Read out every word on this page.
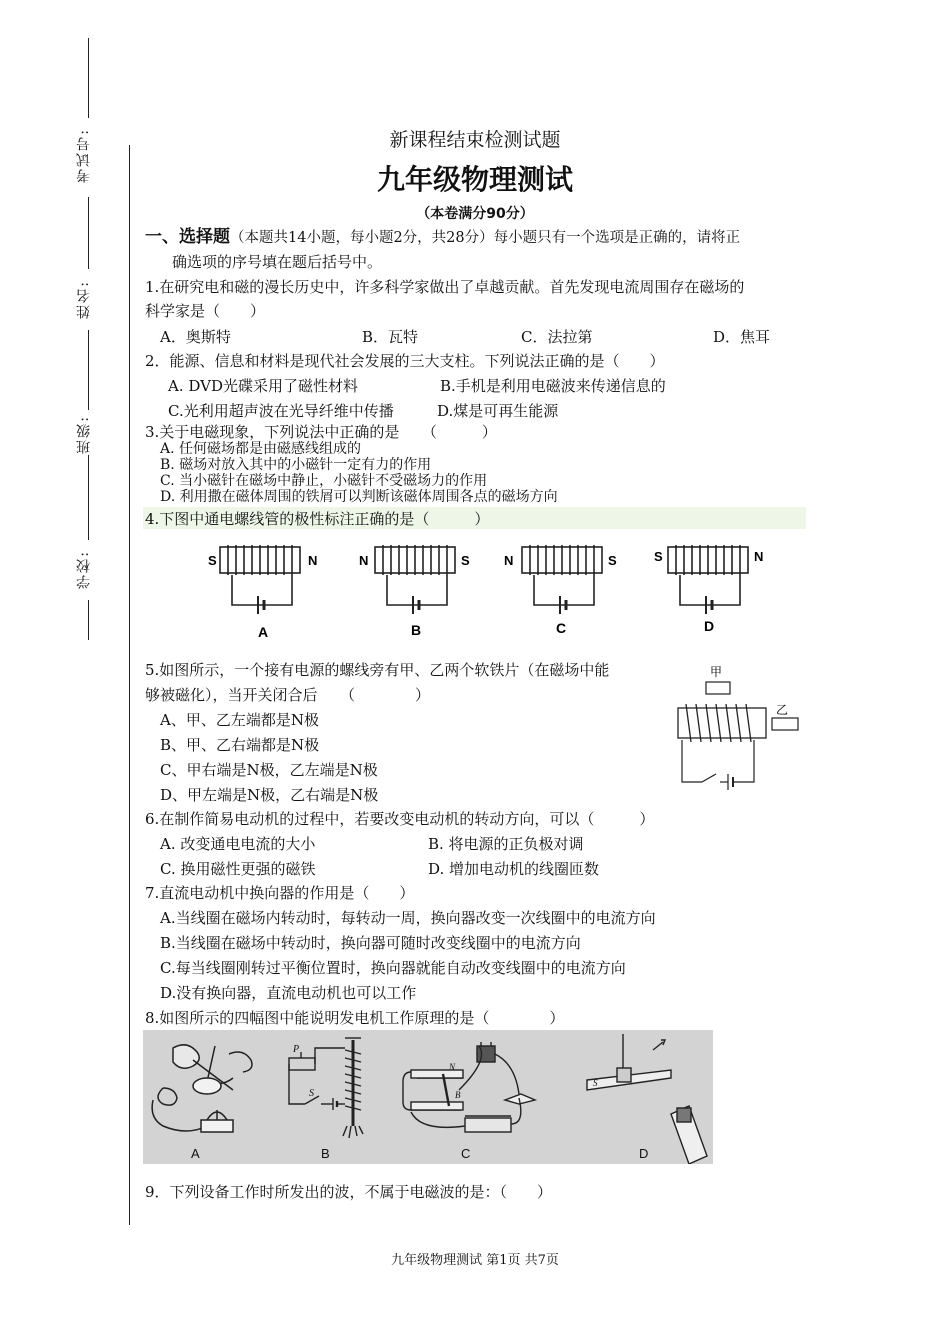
考试号:
姓名:
班级:
学校:
新课程结束检测试题
九年级物理测试
（本卷满分90分）
一、选择题（本题共14小题，每小题2分，共28分）每小题只有一个选项是正确的，请将正
确选项的序号填在题后括号中。
1.在研究电和磁的漫长历史中，许多科学家做出了卓越贡献。首先发现电流周围存在磁场的
科学家是（　　）
A．奥斯特	B．瓦特	C．法拉第	D．焦耳
2．能源、信息和材料是现代社会发展的三大支柱。下列说法正确的是（　　）
A. DVD光碟采用了磁性材料	B.手机是利用电磁波来传递信息的
C.光利用超声波在光导纤维中传播	D.煤是可再生能源
3.关于电磁现象，下列说法中正确的是　　（　　　）
A. 任何磁场都是由磁感线组成的
B. 磁场对放入其中的小磁针一定有力的作用
C. 当小磁针在磁场中静止，小磁针不受磁场力的作用
D. 利用撒在磁体周围的铁屑可以判断该磁体周围各点的磁场方向
4.下图中通电螺线管的极性标注正确的是（　　　）
S	N
A
N	S
B
N	S
C
S	N
D
5.如图所示，一个接有电源的螺线旁有甲、乙两个软铁片（在磁场中能
够被磁化），当开关闭合后　　（　　　　）
A、甲、乙左端都是N极
B、甲、乙右端都是N极
C、甲右端是N极，乙左端是N极
D、甲左端是N极，乙右端是N极
甲
乙
6.在制作简易电动机的过程中，若要改变电动机的转动方向，可以（　　　）
A. 改变通电电流的大小	B. 将电源的正负极对调
C. 换用磁性更强的磁铁	D. 增加电动机的线圈匝数
7.直流电动机中换向器的作用是（　　）
A.当线圈在磁场内转动时，每转动一周，换向器改变一次线圈中的电流方向
B.当线圈在磁场中转动时，换向器可随时改变线圈中的电流方向
C.每当线圈刚转过平衡位置时，换向器就能自动改变线圈中的电流方向
D.没有换向器，直流电动机也可以工作
8.如图所示的四幅图中能说明发电机工作原理的是（　　　　）
A
P
S
B
N
B
C
S
D
9．下列设备工作时所发出的波，不属于电磁波的是：（　　）
九年级物理测试 第1页 共7页
